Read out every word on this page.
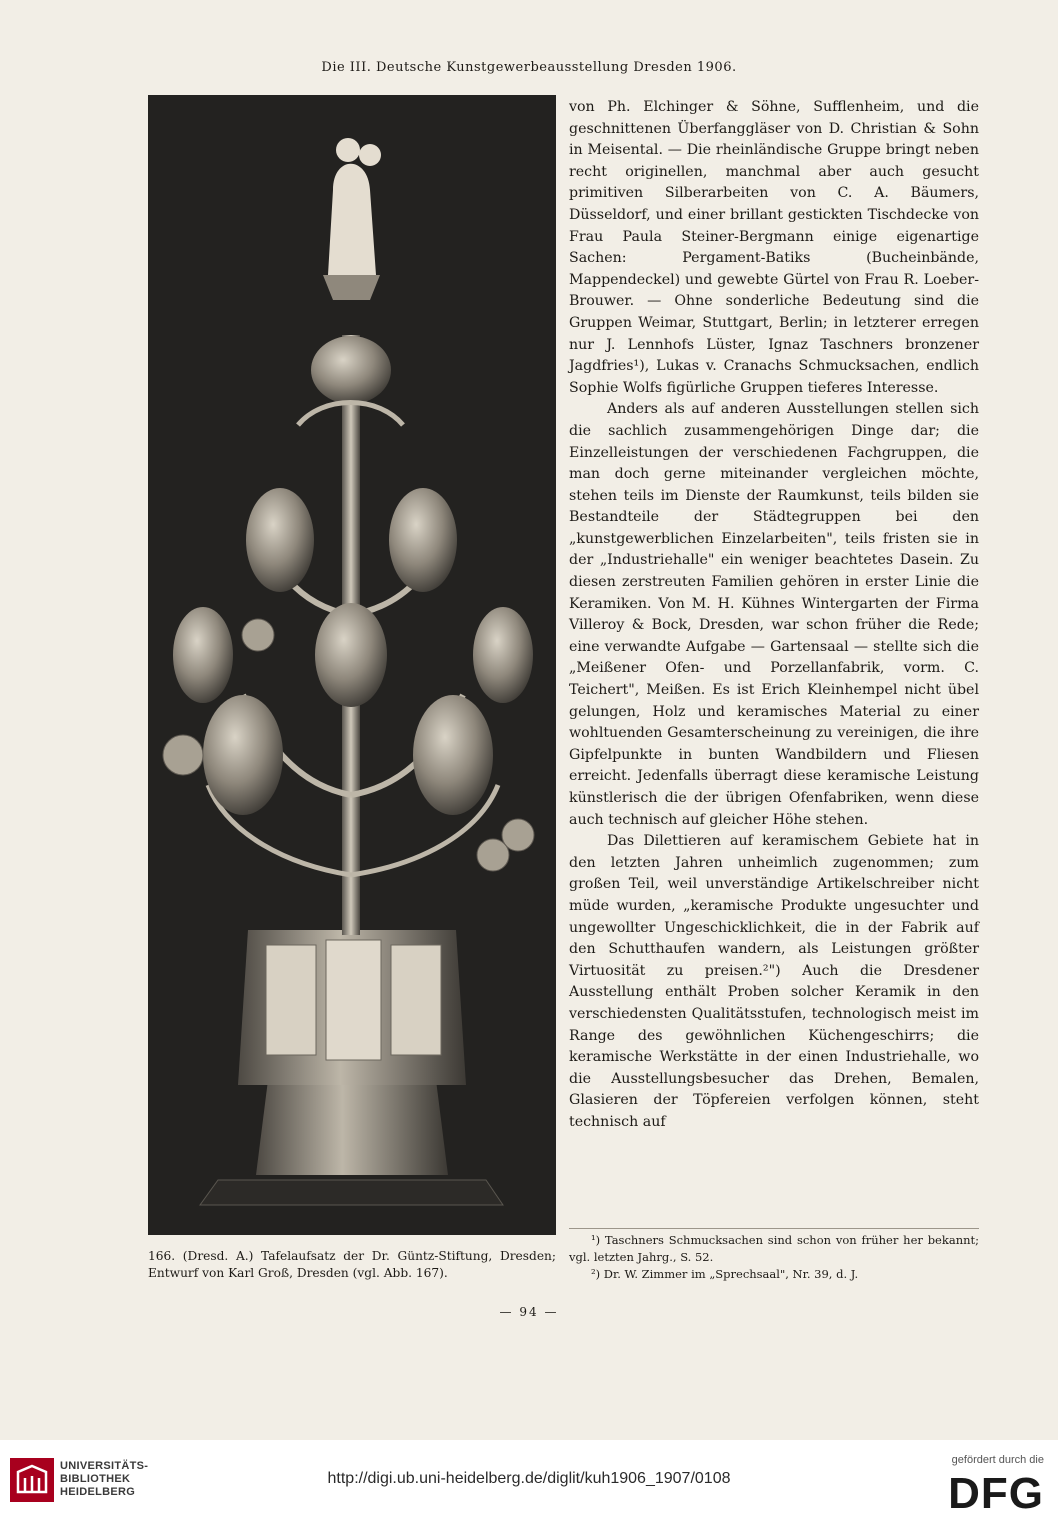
Die III. Deutsche Kunstgewerbeausstellung Dresden 1906.

von Ph. Elchinger & Söhne, Sufflenheim, und die geschnittenen Überfanggläser von D. Christian & Sohn in Meisental. — Die rheinländische Gruppe bringt neben recht originellen, manchmal aber auch gesucht primitiven Silberarbeiten von C. A. Bäumers, Düsseldorf, und einer brillant gestickten Tischdecke von Frau Paula Steiner-Bergmann einige eigenartige Sachen: Pergament-Batiks (Bucheinbände, Mappendeckel) und gewebte Gürtel von Frau R. Loeber-Brouwer. — Ohne sonderliche Bedeutung sind die Gruppen Weimar, Stuttgart, Berlin; in letzterer erregen nur J. Lennhofs Lüster, Ignaz Taschners bronzener Jagdfries¹), Lukas v. Cranachs Schmucksachen, endlich Sophie Wolfs figürliche Gruppen tieferes Interesse.

Anders als auf anderen Ausstellungen stellen sich die sachlich zusammengehörigen Dinge dar; die Einzelleistungen der verschiedenen Fachgruppen, die man doch gerne miteinander vergleichen möchte, stehen teils im Dienste der Raumkunst, teils bilden sie Bestandteile der Städtegruppen bei den „kunstgewerblichen Einzelarbeiten", teils fristen sie in der „Industriehalle" ein weniger beachtetes Dasein. Zu diesen zerstreuten Familien gehören in erster Linie die Keramiken. Von M. H. Kühnes Wintergarten der Firma Villeroy & Bock, Dresden, war schon früher die Rede; eine verwandte Aufgabe — Gartensaal — stellte sich die „Meißener Ofen- und Porzellanfabrik, vorm. C. Teichert", Meißen. Es ist Erich Kleinhempel nicht übel gelungen, Holz und keramisches Material zu einer wohltuenden Gesamterscheinung zu vereinigen, die ihre Gipfelpunkte in bunten Wandbildern und Fliesen erreicht. Jedenfalls überragt diese keramische Leistung künstlerisch die der übrigen Ofenfabriken, wenn diese auch technisch auf gleicher Höhe stehen.

Das Dilettieren auf keramischem Gebiete hat in den letzten Jahren unheimlich zugenommen; zum großen Teil, weil unverständige Artikelschreiber nicht müde wurden, „keramische Produkte ungesuchter und ungewollter Ungeschicklichkeit, die in der Fabrik auf den Schutthaufen wandern, als Leistungen größter Virtuosität zu preisen.²") Auch die Dresdener Ausstellung enthält Proben solcher Keramik in den verschiedensten Qualitätsstufen, technologisch meist im Range des gewöhnlichen Küchengeschirrs; die keramische Werkstätte in der einen Industriehalle, wo die Ausstellungsbesucher das Drehen, Bemalen, Glasieren der Töpfereien verfolgen können, steht technisch auf

¹) Taschners Schmucksachen sind schon von früher her bekannt; vgl. letzten Jahrg., S. 52.

²) Dr. W. Zimmer im „Sprechsaal", Nr. 39, d. J.

166. (Dresd. A.) Tafelaufsatz der Dr. Güntz-Stiftung, Dresden; Entwurf von Karl Groß, Dresden (vgl. Abb. 167).
— 94 —
UNIVERSITÄTS-
BIBLIOTHEK
HEIDELBERG
http://digi.ub.uni-heidelberg.de/diglit/kuh1906_1907/0108
gefördert durch die
DFG
